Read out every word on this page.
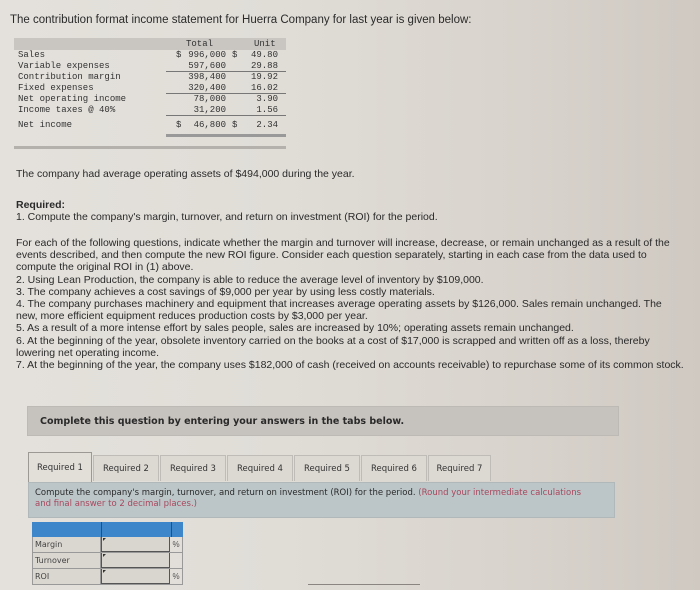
The contribution format income statement for Huerra Company for last year is given below:
Total	Unit
Sales	$ 996,000 $ 49.80
Variable expenses	597,600	29.88
Contribution margin	398,400	19.92
Fixed expenses	320,400	16.02
Net operating income	78,000	3.90
Income taxes @ 40%	31,200	1.56
Net income	$ 46,800 $ 2.34
The company had average operating assets of $494,000 during the year.
Required:
1. Compute the company's margin, turnover, and return on investment (ROI) for the period.
For each of the following questions, indicate whether the margin and turnover will increase, decrease, or remain unchanged as a result of the events described, and then compute the new ROI figure. Consider each question separately, starting in each case from the data used to compute the original ROI in (1) above.
2. Using Lean Production, the company is able to reduce the average level of inventory by $109,000.
3. The company achieves a cost savings of $9,000 per year by using less costly materials.
4. The company purchases machinery and equipment that increases average operating assets by $126,000. Sales remain unchanged. The new, more efficient equipment reduces production costs by $3,000 per year.
5. As a result of a more intense effort by sales people, sales are increased by 10%; operating assets remain unchanged.
6. At the beginning of the year, obsolete inventory carried on the books at a cost of $17,000 is scrapped and written off as a loss, thereby lowering net operating income.
7. At the beginning of the year, the company uses $182,000 of cash (received on accounts receivable) to repurchase some of its common stock.
Complete this question by entering your answers in the tabs below.
Required 1	Required 2	Required 3	Required 4	Required 5	Required 6	Required 7
Compute the company's margin, turnover, and return on investment (ROI) for the period. (Round your intermediate calculations and final answer to 2 decimal places.)
Margin	%
Turnover
ROI	%
